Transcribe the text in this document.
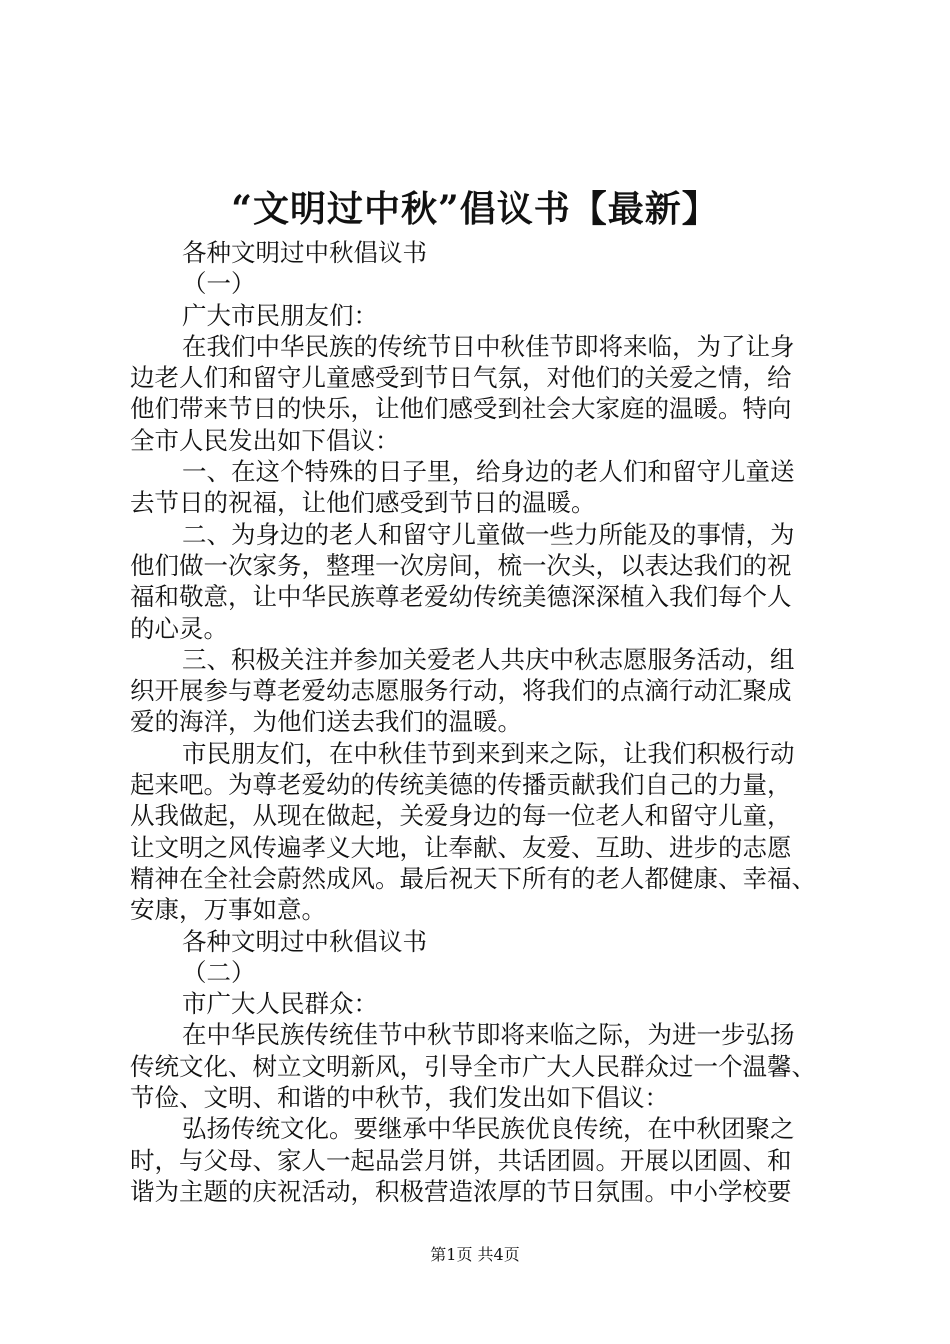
“文明过中秋”倡议书【最新】
各种文明过中秋倡议书
（一）
广大市民朋友们：
在我们中华民族的传统节日中秋佳节即将来临，为了让身
边老人们和留守儿童感受到节日气氛，对他们的关爱之情，给
他们带来节日的快乐，让他们感受到社会大家庭的温暖。特向
全市人民发出如下倡议：
一、在这个特殊的日子里，给身边的老人们和留守儿童送
去节日的祝福，让他们感受到节日的温暖。
二、为身边的老人和留守儿童做一些力所能及的事情，为
他们做一次家务，整理一次房间，梳一次头，以表达我们的祝
福和敬意，让中华民族尊老爱幼传统美德深深植入我们每个人
的心灵。
三、积极关注并参加关爱老人共庆中秋志愿服务活动，组
织开展参与尊老爱幼志愿服务行动，将我们的点滴行动汇聚成
爱的海洋，为他们送去我们的温暖。
市民朋友们，在中秋佳节到来到来之际，让我们积极行动
起来吧。为尊老爱幼的传统美德的传播贡献我们自己的力量，
从我做起，从现在做起，关爱身边的每一位老人和留守儿童，
让文明之风传遍孝义大地，让奉献、友爱、互助、进步的志愿
精神在全社会蔚然成风。最后祝天下所有的老人都健康、幸福、
安康，万事如意。
各种文明过中秋倡议书
（二）
市广大人民群众：
在中华民族传统佳节中秋节即将来临之际，为进一步弘扬
传统文化、树立文明新风，引导全市广大人民群众过一个温馨、
节俭、文明、和谐的中秋节，我们发出如下倡议：
弘扬传统文化。要继承中华民族优良传统，在中秋团聚之
时，与父母、家人一起品尝月饼，共话团圆。开展以团圆、和
谐为主题的庆祝活动，积极营造浓厚的节日氛围。中小学校要
第1页 共4页
